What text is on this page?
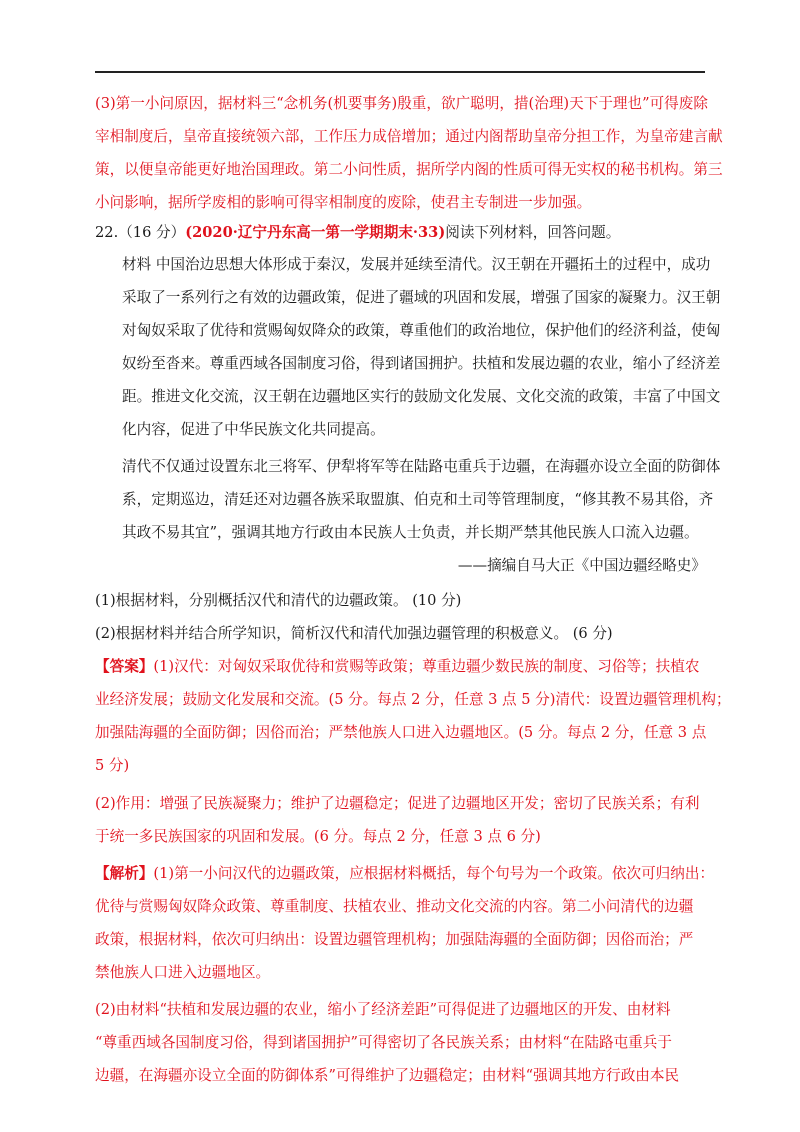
(3)第一小问原因，据材料三“念机务(机要事务)殷重，欲广聪明，措(治理)天下于理也”可得废除
宰相制度后，皇帝直接统领六部，工作压力成倍增加；通过内阁帮助皇帝分担工作，为皇帝建言献
策，以便皇帝能更好地治国理政。第二小问性质，据所学内阁的性质可得无实权的秘书机构。第三
小问影响，据所学废相的影响可得宰相制度的废除，使君主专制进一步加强。
22.（16 分）(2020·辽宁丹东高一第一学期期末·33)阅读下列材料，回答问题。
材料 中国治边思想大体形成于秦汉，发展并延续至清代。汉王朝在开疆拓土的过程中，成功
采取了一系列行之有效的边疆政策，促进了疆域的巩固和发展，增强了国家的凝聚力。汉王朝
对匈奴采取了优待和赏赐匈奴降众的政策，尊重他们的政治地位，保护他们的经济利益，使匈
奴纷至沓来。尊重西域各国制度习俗，得到诸国拥护。扶植和发展边疆的农业，缩小了经济差
距。推进文化交流，汉王朝在边疆地区实行的鼓励文化发展、文化交流的政策，丰富了中国文
化内容，促进了中华民族文化共同提高。
清代不仅通过设置东北三将军、伊犁将军等在陆路屯重兵于边疆，在海疆亦设立全面的防御体
系，定期巡边，清廷还对边疆各族采取盟旗、伯克和土司等管理制度，“修其教不易其俗，齐
其政不易其宜”，强调其地方行政由本民族人士负责，并长期严禁其他民族人口流入边疆。
——摘编自马大正《中国边疆经略史》
(1)根据材料，分别概括汉代和清代的边疆政策。 (10 分)
(2)根据材料并结合所学知识，简析汉代和清代加强边疆管理的积极意义。 (6 分)
【答案】(1)汉代：对匈奴采取优待和赏赐等政策；尊重边疆少数民族的制度、习俗等；扶植农
业经济发展；鼓励文化发展和交流。(5 分。每点 2 分，任意 3 点 5 分)清代：设置边疆管理机构；
加强陆海疆的全面防御；因俗而治；严禁他族人口进入边疆地区。(5 分。每点 2 分，任意 3 点
5 分)
(2)作用：增强了民族凝聚力；维护了边疆稳定；促进了边疆地区开发；密切了民族关系；有利
于统一多民族国家的巩固和发展。(6 分。每点 2 分，任意 3 点 6 分)
【解析】(1)第一小问汉代的边疆政策，应根据材料概括，每个句号为一个政策。依次可归纳出：
优待与赏赐匈奴降众政策、尊重制度、扶植农业、推动文化交流的内容。第二小问清代的边疆
政策，根据材料，依次可归纳出：设置边疆管理机构；加强陆海疆的全面防御；因俗而治；严
禁他族人口进入边疆地区。
(2)由材料“扶植和发展边疆的农业，缩小了经济差距”可得促进了边疆地区的开发、由材料
“尊重西域各国制度习俗，得到诸国拥护”可得密切了各民族关系；由材料“在陆路屯重兵于
边疆，在海疆亦设立全面的防御体系”可得维护了边疆稳定；由材料“强调其地方行政由本民
